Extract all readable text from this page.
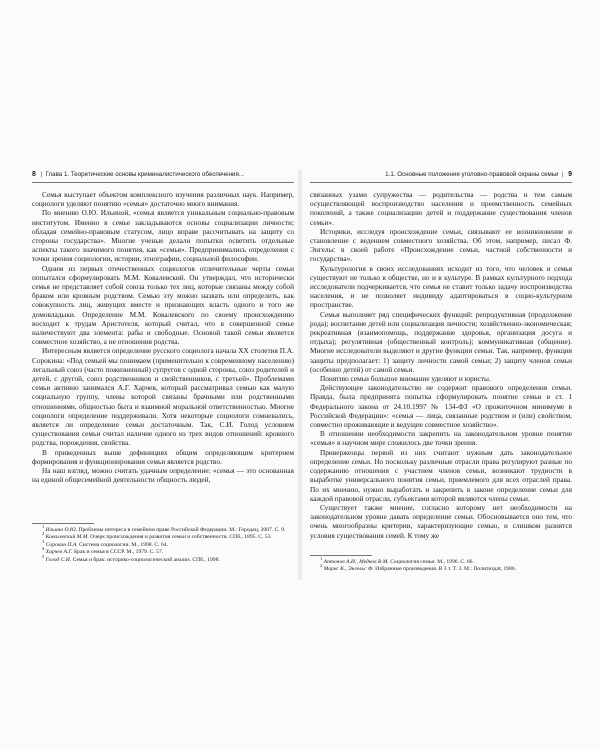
8 | Глава 1. Теоретические основы криминалистического обеспечения...

Семья выступает объектом комплексного изучения различных наук. Например, социологи уделяют понятию «семья» достаточно много внимания.

По мнению О.Ю. Ильиной, «семья является уникальным социально-правовым институтом. Именно в семье закладываются основы социализации личности; обладая семейно-правовым статусом, лицо вправе рассчитывать на защиту со стороны государства». Многие ученые делали попытки осветить отдельные аспекты такого значимого понятия, как «семья». Предпринимались определения с точки зрения социологии, истории, этнографии, социальной философии.

Одним из первых отечественных социологов отличительные черты семьи попытался сформулировать М.М. Ковалевский. Он утверждал, что исторически семья не представляет собой союза только тех лиц, которые связаны между собой браком или кровным родством. Семью эту можно назвать или определить, как совокупность лиц, живущих вместе и признающих власть одного и того же домовладыки. Определение М.М. Ковалевского по своему происхождению восходит к трудам Аристотеля, который считал, что в совершенной семье наличествуют два элемента: рабы и свободные. Основой такой семьи является совместное хозяйство, а не отношения родства.

Интересным является определение русского социолога начала XX столетия П.А. Сорокина: «Под семьей мы понимаем (применительно к современному населению) легальный союз (часто пожизненный) супругов с одной стороны, союз родителей и детей, с другой, союз родственников и свойственников, с третьей». Проблемами семьи активно занимался А.Г. Харчев, который рассматривал семью как малую социальную группу, члены которой связаны брачными или родственными отношениями, общностью быта и взаимной моральной ответственностью. Многие социологи определение поддерживали. Хотя некоторые социологи сомневались, является ли определение семьи достаточным. Так, С.И. Голод условием существования семьи считал наличие одного из трех видов отношений: кровного родства, порождения, свойства.

В приведенных выше дефинициях общим определяющим критерием формирования и функционирования семьи является родство.

На наш взгляд, можно считать удачным определение: «семья — это основанная на единой общесемейной деятельности общность людей,

$^1$ Ильина О.Ю. Проблемы интереса в семейном праве Российской Федерации. М.: Городец, 2007. С. 9.

$^2$ Ковалевский М.М. Очерк происхождения и развития семьи и собственности. СПб., 1895. С. 53.

$^3$ Сорокин П.А. Система социологии. М., 1998. С. 64.

$^4$ Харчев А.Г. Брак и семья в СССР. М., 1979. С. 57.

$^5$ Голод С.И. Семья и брак: историко-социологический анализ. СПб., 1998.

1.1. Основные положения уголовно-правовой охраны семьи | 9

связанных узами супружества — родительства — родства и тем самым осуществляющей воспроизводство населения и преемственность семейных поколений, а также социализацию детей и поддержание существования членов семьи».

Историки, исследуя происхождение семьи, связывают ее возникновение и становление с ведением совместного хозяйства. Об этом, например, писал Ф. Энгельс в своей работе «Происхождение семьи, частной собственности и государства».

Культурология в своих исследованиях исходит из того, что человек и семья существуют не только в обществе, но и в культуре. В рамках культурного подхода исследователи подчеркивается, что семья не ставит только задачу воспроизводства населения, и не позволяет индивиду адаптироваться в социо-культурном пространстве.

Семья выполняет ряд специфических функций: репродуктивная (продолжение рода); воспитание детей или социализация личности; хозяйственно-экономическая; рекреативная (взаимопомощь, поддержание здоровья, организация досуга и отдыха); регулятивная (общественный контроль); коммуникативная (общение). Многие исследователи выделяют и другие функции семьи. Так, например, функция защиты предполагает: 1) защиту личности самой семьи; 2) защиту членов семьи (особенно детей) от самой семьи.

Понятию семьи большое внимание уделяют и юристы.

Действующее законодательство не содержит правового определения семьи. Правда, была предпринята попытка сформулировать понятие семьи в ст. 1 Федерального закона от 24.10.1997 № 134-ФЗ «О прожиточном минимуме в Российской Федерации»: «семья — лица, связанные родством и (или) свойством, совместно проживающие и ведущие совместное хозяйство».

В отношении необходимости закрепить на законодательном уровне понятие «семья» в научном мире сложилось две точки зрения.

Приверженцы первой из них считают нужным дать законодательное определение семьи. Но поскольку различные отрасли права регулируют разные по содержанию отношения с участием членов семьи, возникают трудности в выработке универсального понятия семьи, приемлемого для всех отраслей права. По их мнению, нужно выработать и закрепить в законе определение семьи для каждой правовой отрасли, субъектами которой являются члены семьи.

Существует также мнение, согласно которому нет необходимости на законодательном уровне давать определение семьи. Обосновывается оно тем, что очень многообразны критерии, характеризующие семью, и слишком разнятся условия существования семей. К тому же

$^1$ Антонов А.И., Медков В.М. Социология семьи. М., 1996. С. 66.

$^2$ Маркс К., Энгельс Ф. Избранные произведения. В 3 т. Т. 3. М.: Политиздат, 1986.
